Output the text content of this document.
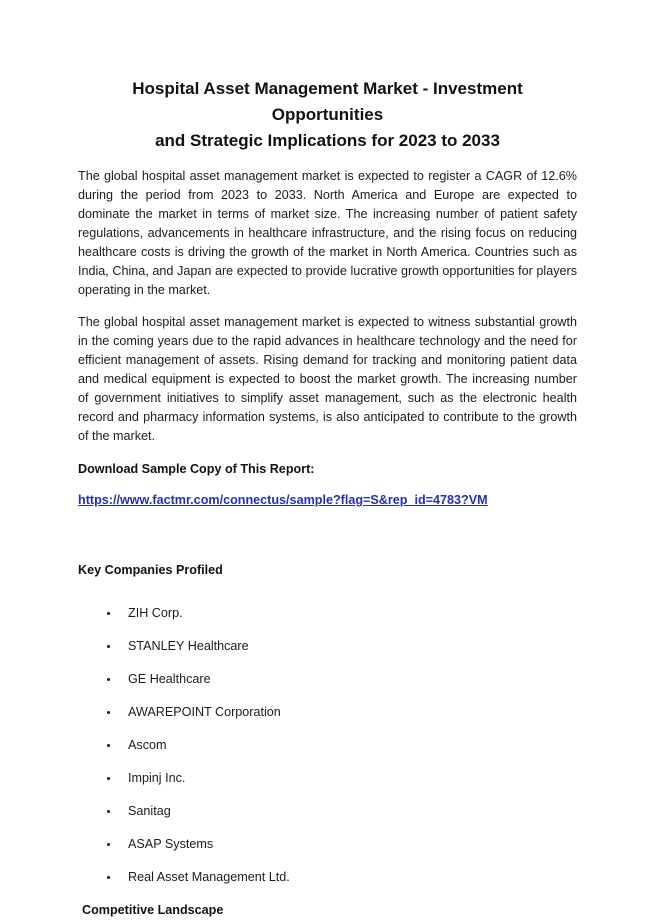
Hospital Asset Management Market - Investment Opportunities
and Strategic Implications for 2023 to 2033

The global hospital asset management market is expected to register a CAGR of 12.6% during the period from 2023 to 2033. North America and Europe are expected to dominate the market in terms of market size. The increasing number of patient safety regulations, advancements in healthcare infrastructure, and the rising focus on reducing healthcare costs is driving the growth of the market in North America. Countries such as India, China, and Japan are expected to provide lucrative growth opportunities for players operating in the market.

The global hospital asset management market is expected to witness substantial growth in the coming years due to the rapid advances in healthcare technology and the need for efficient management of assets. Rising demand for tracking and monitoring patient data and medical equipment is expected to boost the market growth. The increasing number of government initiatives to simplify asset management, such as the electronic health record and pharmacy information systems, is also anticipated to contribute to the growth of the market.

Download Sample Copy of This Report:

https://www.factmr.com/connectus/sample?flag=S&rep_id=4783?VM

Key Companies Profiled
• ZIH Corp.
• STANLEY Healthcare
• GE Healthcare
• AWAREPOINT Corporation
• Ascom
• Impinj Inc.
• Sanitag
• ASAP Systems
• Real Asset Management Ltd.
Competitive Landscape
